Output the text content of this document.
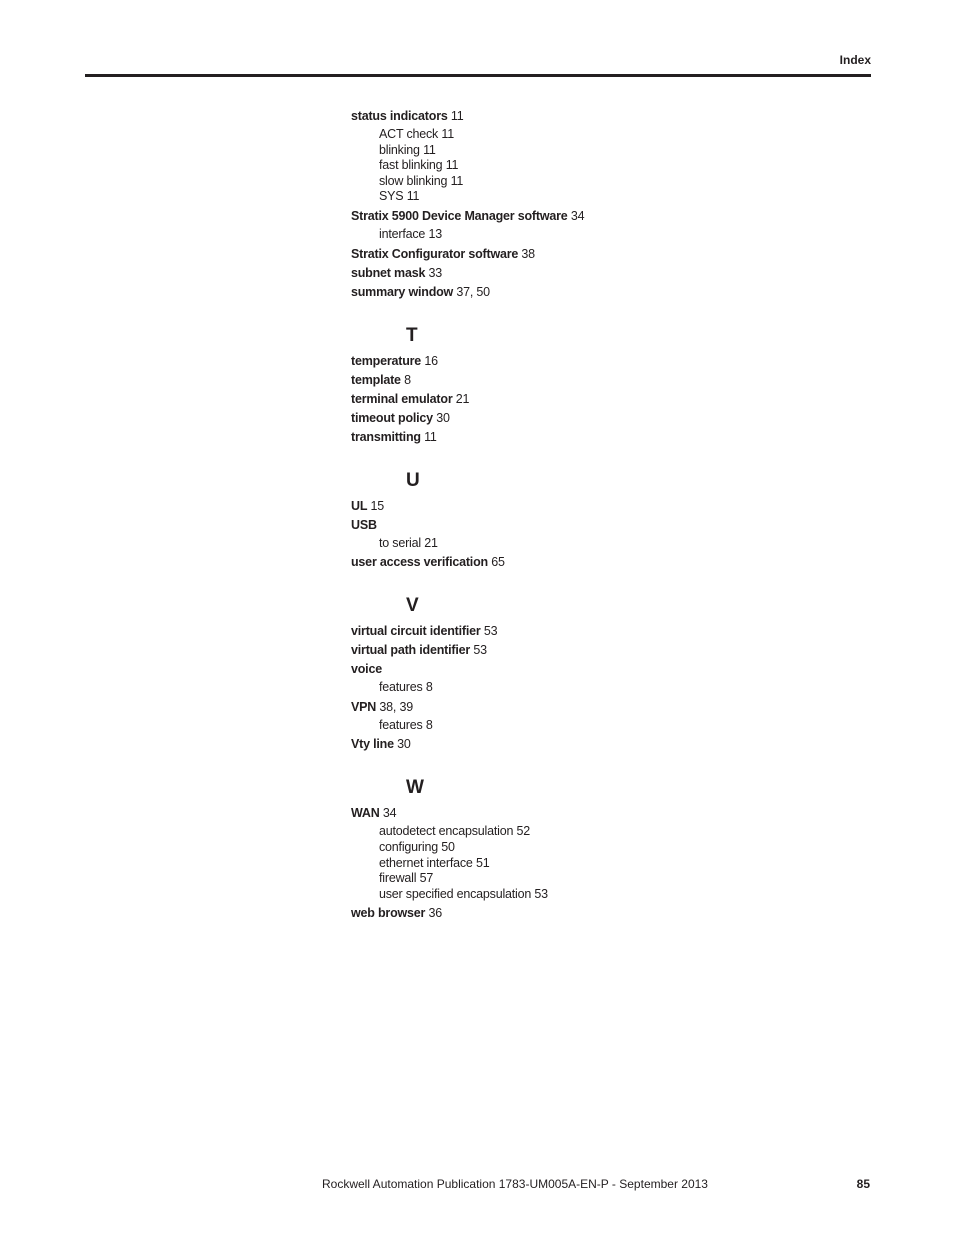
Index
status indicators 11
ACT check 11
blinking 11
fast blinking 11
slow blinking 11
SYS 11
Stratix 5900 Device Manager software 34
interface 13
Stratix Configurator software 38
subnet mask 33
summary window 37, 50
T
temperature 16
template 8
terminal emulator 21
timeout policy 30
transmitting 11
U
UL 15
USB
to serial 21
user access verification 65
V
virtual circuit identifier 53
virtual path identifier 53
voice
features 8
VPN 38, 39
features 8
Vty line 30
W
WAN 34
autodetect encapsulation 52
configuring 50
ethernet interface 51
firewall 57
user specified encapsulation 53
web browser 36
Rockwell Automation Publication 1783-UM005A-EN-P - September 2013	85
